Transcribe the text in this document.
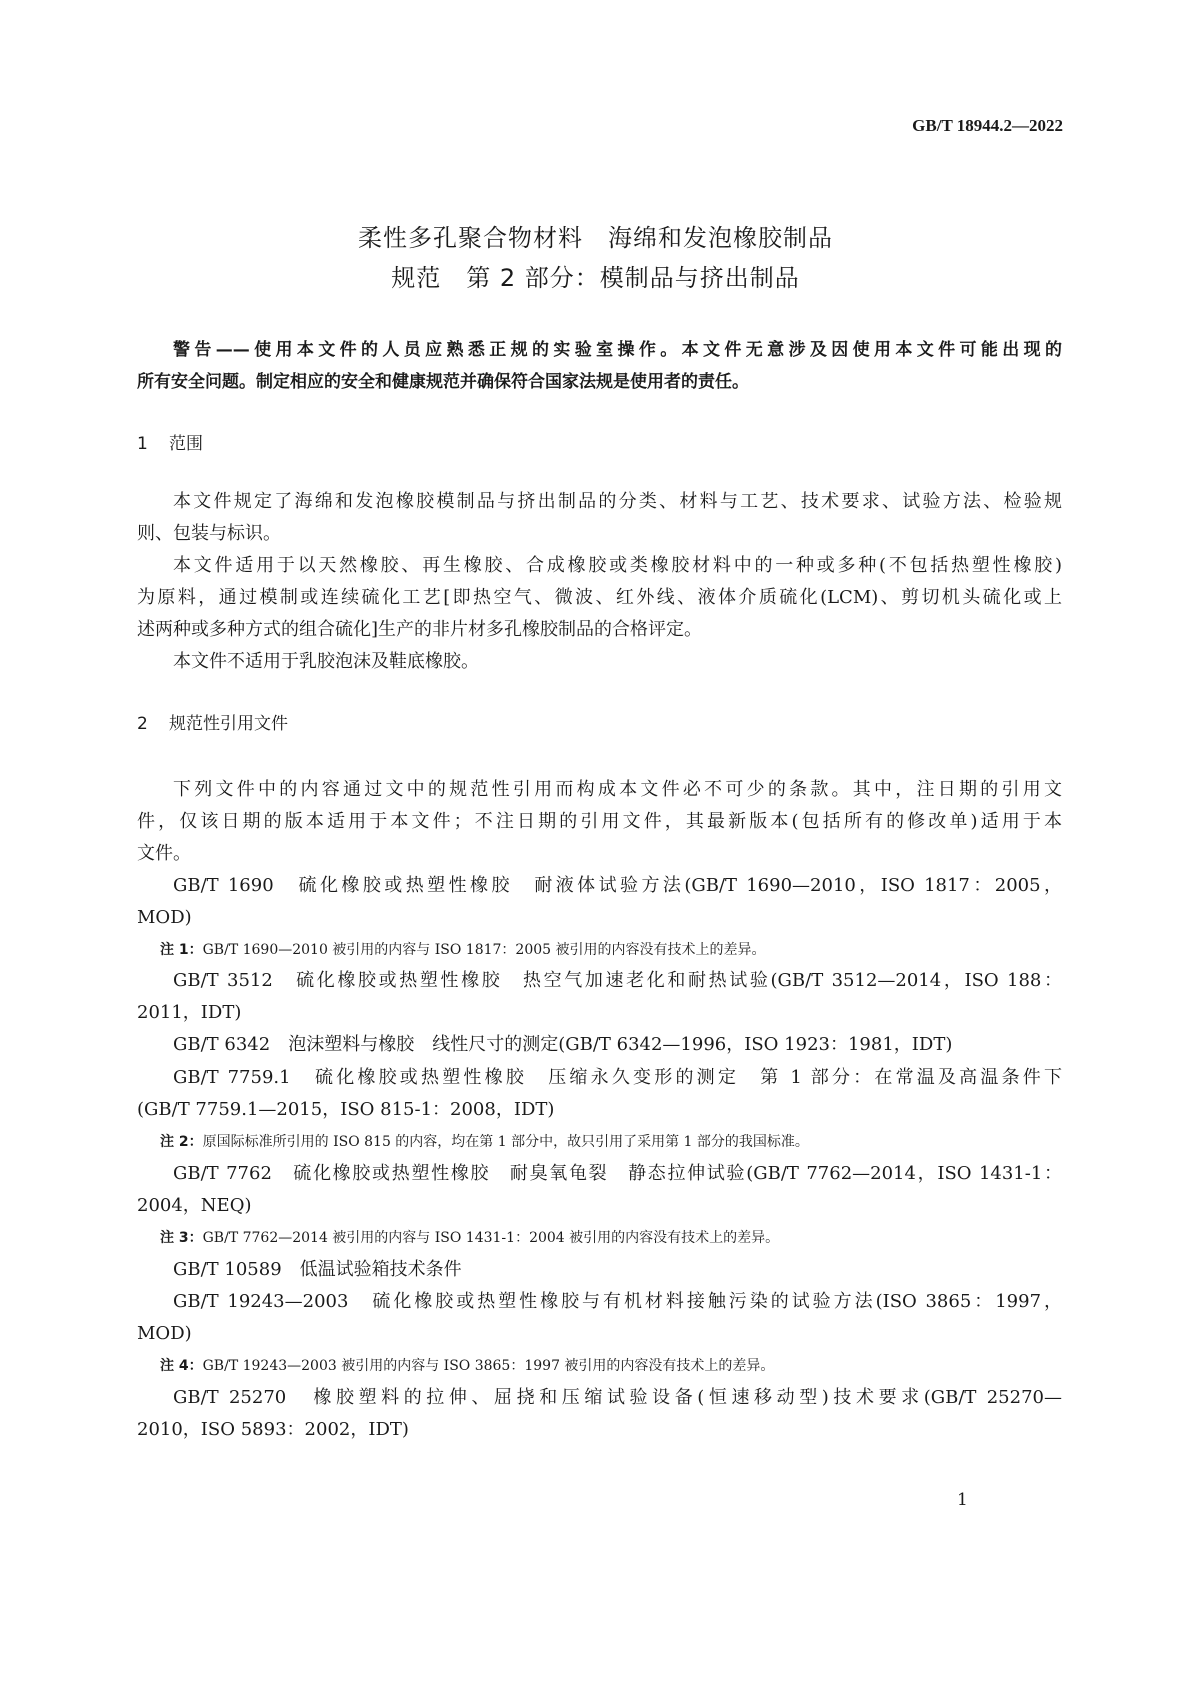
GB/T 18944.2—2022
柔性多孔聚合物材料　海绵和发泡橡胶制品
规范　第 2 部分：模制品与挤出制品
警告——使用本文件的人员应熟悉正规的实验室操作。本文件无意涉及因使用本文件可能出现的
所有安全问题。制定相应的安全和健康规范并确保符合国家法规是使用者的责任。
1 范围
本文件规定了海绵和发泡橡胶模制品与挤出制品的分类、材料与工艺、技术要求、试验方法、检验规
则、包装与标识。
本文件适用于以天然橡胶、再生橡胶、合成橡胶或类橡胶材料中的一种或多种(不包括热塑性橡胶)
为原料，通过模制或连续硫化工艺[即热空气、微波、红外线、液体介质硫化(LCM)、剪切机头硫化或上
述两种或多种方式的组合硫化]生产的非片材多孔橡胶制品的合格评定。
本文件不适用于乳胶泡沫及鞋底橡胶。
2 规范性引用文件
下列文件中的内容通过文中的规范性引用而构成本文件必不可少的条款。其中，注日期的引用文
件，仅该日期的版本适用于本文件；不注日期的引用文件，其最新版本(包括所有的修改单)适用于本
文件。
GB/T 1690　硫化橡胶或热塑性橡胶　耐液体试验方法(GB/T 1690—2010，ISO 1817：2005，
MOD)
注 1：GB/T 1690—2010 被引用的内容与 ISO 1817：2005 被引用的内容没有技术上的差异。
GB/T 3512　硫化橡胶或热塑性橡胶　热空气加速老化和耐热试验(GB/T 3512—2014，ISO 188：
2011，IDT)
GB/T 6342　泡沫塑料与橡胶　线性尺寸的测定(GB/T 6342—1996，ISO 1923：1981，IDT)
GB/T 7759.1　硫化橡胶或热塑性橡胶　压缩永久变形的测定　第 1 部分：在常温及高温条件下
(GB/T 7759.1—2015，ISO 815-1：2008，IDT)
注 2：原国际标准所引用的 ISO 815 的内容，均在第 1 部分中，故只引用了采用第 1 部分的我国标准。
GB/T 7762　硫化橡胶或热塑性橡胶　耐臭氧龟裂　静态拉伸试验(GB/T 7762—2014，ISO 1431-1：
2004，NEQ)
注 3：GB/T 7762—2014 被引用的内容与 ISO 1431-1：2004 被引用的内容没有技术上的差异。
GB/T 10589　低温试验箱技术条件
GB/T 19243—2003　硫化橡胶或热塑性橡胶与有机材料接触污染的试验方法(ISO 3865：1997，
MOD)
注 4：GB/T 19243—2003 被引用的内容与 ISO 3865：1997 被引用的内容没有技术上的差异。
GB/T 25270　橡胶塑料的拉伸、屈挠和压缩试验设备(恒速移动型)技术要求(GB/T 25270—
2010，ISO 5893：2002，IDT)
1
